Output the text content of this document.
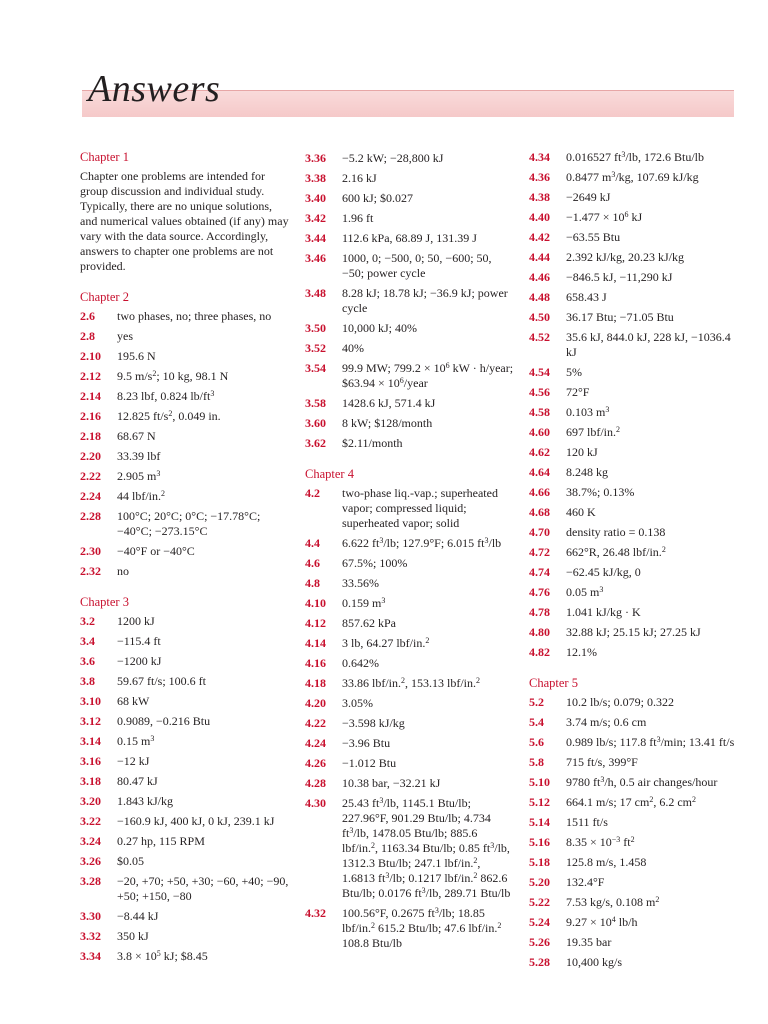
Answers
Chapter 1

Chapter one problems are intended for group discussion and individual study. Typically, there are no unique solutions, and numerical values obtained (if any) may vary with the data source. Accordingly, answers to chapter one problems are not provided.

Chapter 2
2.6	two phases, no; three phases, no
2.8	yes
2.10	195.6 N
2.12	9.5 $m/s^2$; 10 kg, 98.1 N
2.14	8.23 lbf, 0.824 $lb/ft^3$
2.16	12.825 $ft/s^2$, 0.049 in.
2.18	68.67 N
2.20	33.39 lbf
2.22	2.905 $m^3$
2.24	44 lbf/in.$^2$
2.28	100°C; 20°C; 0°C; −17.78°C; −40°C; −273.15°C
2.30	−40°F or −40°C
2.32	no
Chapter 3
3.2	1200 kJ
3.4	−115.4 ft
3.6	−1200 kJ
3.8	59.67 ft/s; 100.6 ft
3.10	68 kW
3.12	0.9089, −0.216 Btu
3.14	0.15 $m^3$
3.16	−12 kJ
3.18	80.47 kJ
3.20	1.843 kJ/kg
3.22	−160.9 kJ, 400 kJ, 0 kJ, 239.1 kJ
3.24	0.27 hp, 115 RPM
3.26	$0.05
3.28	−20, +70; +50, +30; −60, +40; −90, +50; +150, −80
3.30	−8.44 kJ
3.32	350 kJ
3.34	$3.8 \times 10^5$ kJ; $8.45
3.36	−5.2 kW; −28,800 kJ
3.38	2.16 kJ
3.40	600 kJ; $0.027
3.42	1.96 ft
3.44	112.6 kPa, 68.89 J, 131.39 J
3.46	1000, 0; −500, 0; 50, −600; 50, −50; power cycle
3.48	8.28 kJ; 18.78 kJ; −36.9 kJ; power cycle
3.50	10,000 kJ; 40%
3.52	40%
3.54	99.9 MW; $799.2 \times 10^6$ kW · h/year; $63.94 × $10^6$/year
3.58	1428.6 kJ, 571.4 kJ
3.60	8 kW; $128/month
3.62	$2.11/month
Chapter 4
4.2	two-phase liq.-vap.; superheated vapor; compressed liquid; superheated vapor; solid
4.4	6.622 $ft^3/lb$; 127.9°F; 6.015 $ft^3/lb$
4.6	67.5%; 100%
4.8	33.56%
4.10	0.159 $m^3$
4.12	857.62 kPa
4.14	3 lb, 64.27 lbf/in.$^2$
4.16	0.642%
4.18	33.86 lbf/in.$^2$, 153.13 lbf/in.$^2$
4.20	3.05%
4.22	−3.598 kJ/kg
4.24	−3.96 Btu
4.26	−1.012 Btu
4.28	10.38 bar, −32.21 kJ
4.30	25.43 $ft^3/lb$, 1145.1 Btu/lb; 227.96°F, 901.29 Btu/lb; 4.734 $ft^3/lb$, 1478.05 Btu/lb; 885.6 lbf/in.$^2$, 1163.34 Btu/lb; 0.85 $ft^3/lb$, 1312.3 Btu/lb; 247.1 lbf/in.$^2$, 1.6813 $ft^3/lb$; 0.1217 lbf/in.$^2$ 862.6 Btu/lb; 0.0176 $ft^3/lb$, 289.71 Btu/lb
4.32	100.56°F, 0.2675 $ft^3/lb$; 18.85 lbf/in.$^2$ 615.2 Btu/lb; 47.6 lbf/in.$^2$ 108.8 Btu/lb
4.34	0.016527 $ft^3/lb$, 172.6 Btu/lb
4.36	0.8477 $m^3/kg$, 107.69 kJ/kg
4.38	−2649 kJ
4.40	$-1.477 \times 10^6$ kJ
4.42	−63.55 Btu
4.44	2.392 kJ/kg, 20.23 kJ/kg
4.46	−846.5 kJ, −11,290 kJ
4.48	658.43 J
4.50	36.17 Btu; −71.05 Btu
4.52	35.6 kJ, 844.0 kJ, 228 kJ, −1036.4 kJ
4.54	5%
4.56	72°F
4.58	0.103 $m^3$
4.60	697 lbf/in.$^2$
4.62	120 kJ
4.64	8.248 kg
4.66	38.7%; 0.13%
4.68	460 K
4.70	density ratio = 0.138
4.72	662°R, 26.48 lbf/in.$^2$
4.74	−62.45 kJ/kg, 0
4.76	0.05 $m^3$
4.78	1.041 kJ/kg · K
4.80	32.88 kJ; 25.15 kJ; 27.25 kJ
4.82	12.1%
Chapter 5
5.2	10.2 lb/s; 0.079; 0.322
5.4	3.74 m/s; 0.6 cm
5.6	0.989 lb/s; 117.8 $ft^3/\min$; 13.41 ft/s
5.8	715 ft/s, 399°F
5.10	9780 $ft^3/h$, 0.5 air changes/hour
5.12	664.1 m/s; 17 $cm^2$, 6.2 $cm^2$
5.14	1511 ft/s
5.16	$8.35 \times 10^{-3}$ $ft^2$
5.18	125.8 m/s, 1.458
5.20	132.4°F
5.22	7.53 kg/s, 0.108 $m^2$
5.24	$9.27 \times 10^4$ lb/h
5.26	19.35 bar
5.28	10,400 kg/s
